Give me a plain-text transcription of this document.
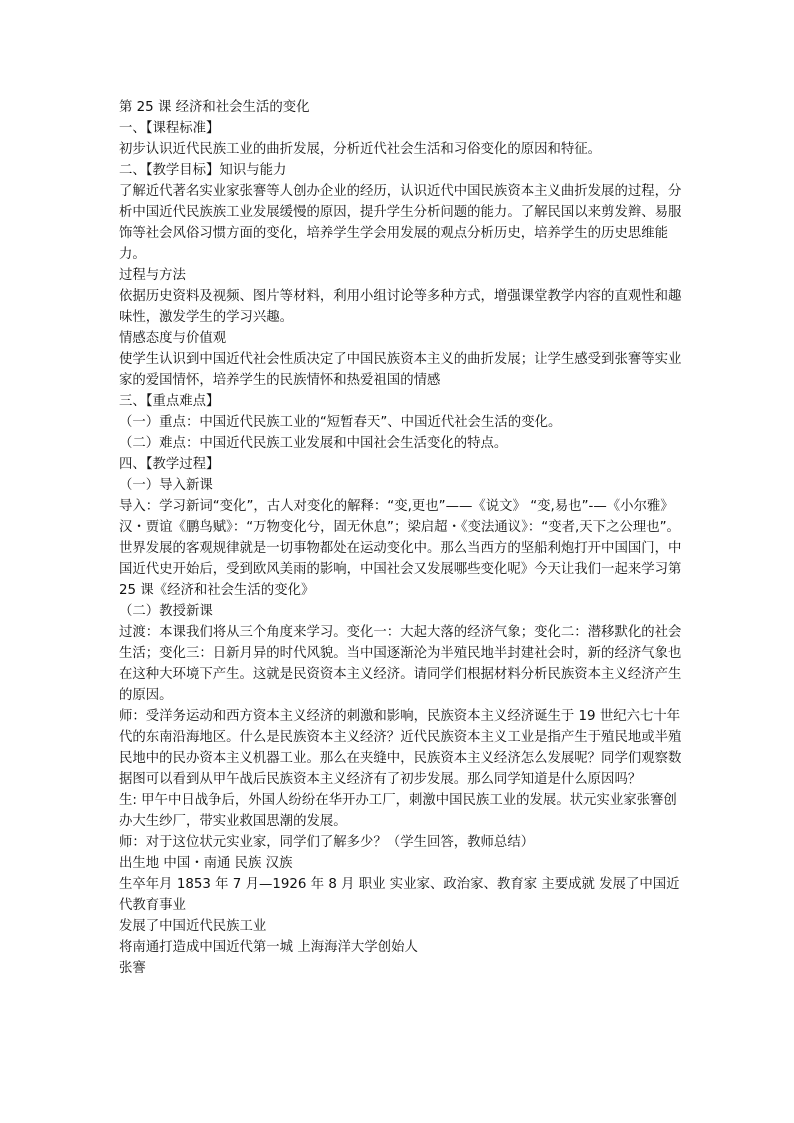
第 25 课 经济和社会生活的变化

一、【课程标准】

初步认识近代民族工业的曲折发展，分析近代社会生活和习俗变化的原因和特征。

二、【教学目标】知识与能力

了解近代著名实业家张謇等人创办企业的经历，认识近代中国民族资本主义曲折发展的过程，分析中国近代民族族工业发展缓慢的原因，提升学生分析问题的能力。了解民国以来剪发辫、易服饰等社会风俗习惯方面的变化，培养学生学会用发展的观点分析历史，培养学生的历史思维能力。

过程与方法

依据历史资料及视频、图片等材料，利用小组讨论等多种方式，增强课堂教学内容的直观性和趣味性，激发学生的学习兴趣。

情感态度与价值观

使学生认识到中国近代社会性质决定了中国民族资本主义的曲折发展；让学生感受到张謇等实业家的爱国情怀，培养学生的民族情怀和热爱祖国的情感

三、【重点难点】

（一）重点：中国近代民族工业的“短暂春天”、中国近代社会生活的变化。

（二）难点：中国近代民族工业发展和中国社会生活变化的特点。

四、【教学过程】

（一）导入新课

导入：学习新词“变化”，古人对变化的解释：“变,更也”——《说文》 “变,易也”-—《小尔雅》汉・贾谊《鹏鸟赋》：“万物变化兮，固无休息”；梁启超・《变法通议》：“变者,天下之公理也”。世界发展的客观规律就是一切事物都处在运动变化中。那么当西方的坚船利炮打开中国国门，中国近代史开始后，受到欧风美雨的影响，中国社会又发展哪些变化呢》今天让我们一起来学习第 25 课《经济和社会生活的变化》

（二）教授新课

过渡：本课我们将从三个角度来学习。变化一：大起大落的经济气象；变化二：潜移默化的社会生活；变化三：日新月异的时代风貌。当中国逐渐沦为半殖民地半封建社会时，新的经济气象也在这种大环境下产生。这就是民资资本主义经济。请同学们根据材料分析民族资本主义经济产生的原因。

师：受洋务运动和西方资本主义经济的刺激和影响，民族资本主义经济诞生于 19 世纪六七十年代的东南沿海地区。什么是民族资本主义经济？近代民族资本主义工业是指产生于殖民地或半殖民地中的民办资本主义机器工业。那么在夹缝中，民族资本主义经济怎么发展呢？同学们观察数据图可以看到从甲午战后民族资本主义经济有了初步发展。那么同学知道是什么原因吗？

生: 甲午中日战争后，外国人纷纷在华开办工厂，刺激中国民族工业的发展。状元实业家张謇创办大生纱厂，带实业救国思潮的发展。

师：对于这位状元实业家，同学们了解多少？（学生回答，教师总结）

出生地 中国・南通 民族 汉族

生卒年月 1853 年 7 月—1926 年 8 月 职业 实业家、政治家、教育家 主要成就 发展了中国近代教育事业

发展了中国近代民族工业

将南通打造成中国近代第一城 上海海洋大学创始人

张謇
